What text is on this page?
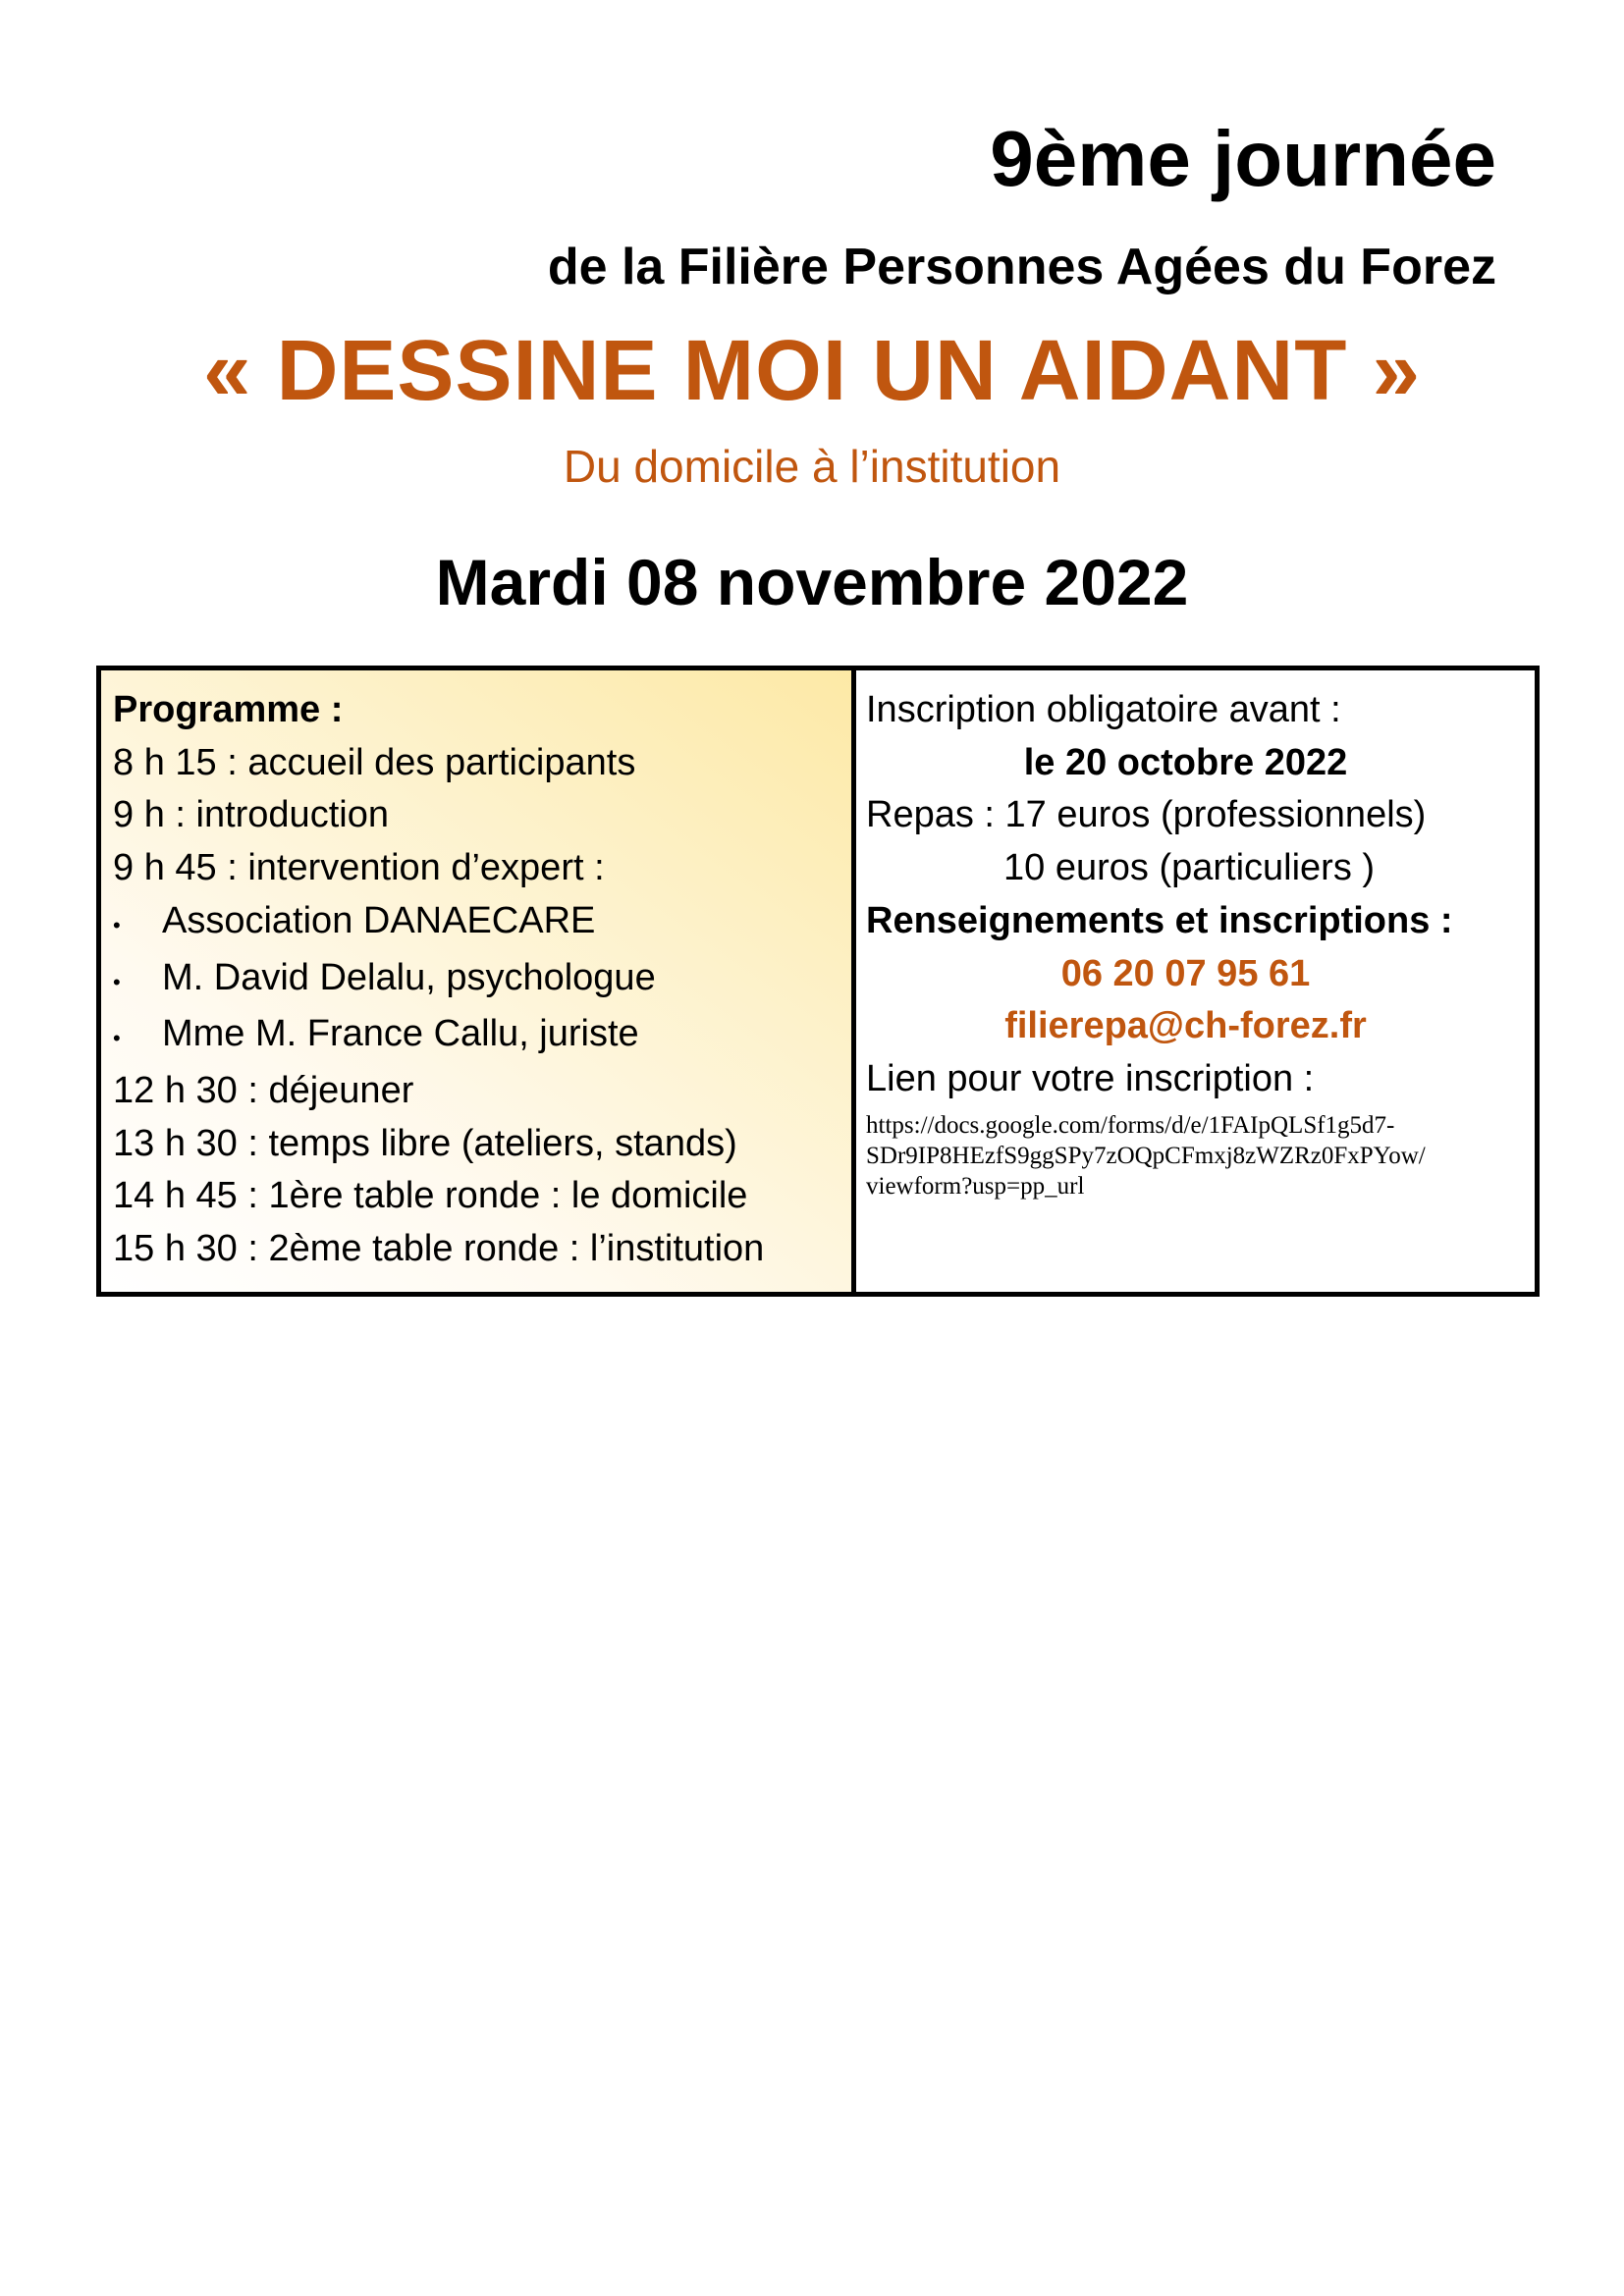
9ème journée
de la Filière Personnes Agées du Forez
« DESSINE MOI UN AIDANT »

Du domicile à l’institution

Mardi 08 novembre 2022

Programme :

8 h 15 : accueil des participants

9 h : introduction

9 h 45 : intervention d’expert :

•	Association DANAECARE
•	M. David Delalu, psychologue
•	Mme M. France Callu, juriste

12 h 30 : déjeuner

13 h 30 : temps libre (ateliers, stands)

14 h 45 : 1ère table ronde : le domicile

15 h 30 : 2ème table ronde : l’institution

Inscription obligatoire avant :

le 20 octobre 2022

Repas : 17 euros (professionnels)

10 euros (particuliers )

Renseignements et inscriptions :

06 20 07 95 61

filierepa@ch-forez.fr

Lien pour votre inscription :

https://docs.google.com/forms/d/e/1FAIpQLSf1g5d7-
SDr9IP8HEzfS9ggSPy7zOQpCFmxj8zWZRz0FxPYow/
viewform?usp=pp_url
